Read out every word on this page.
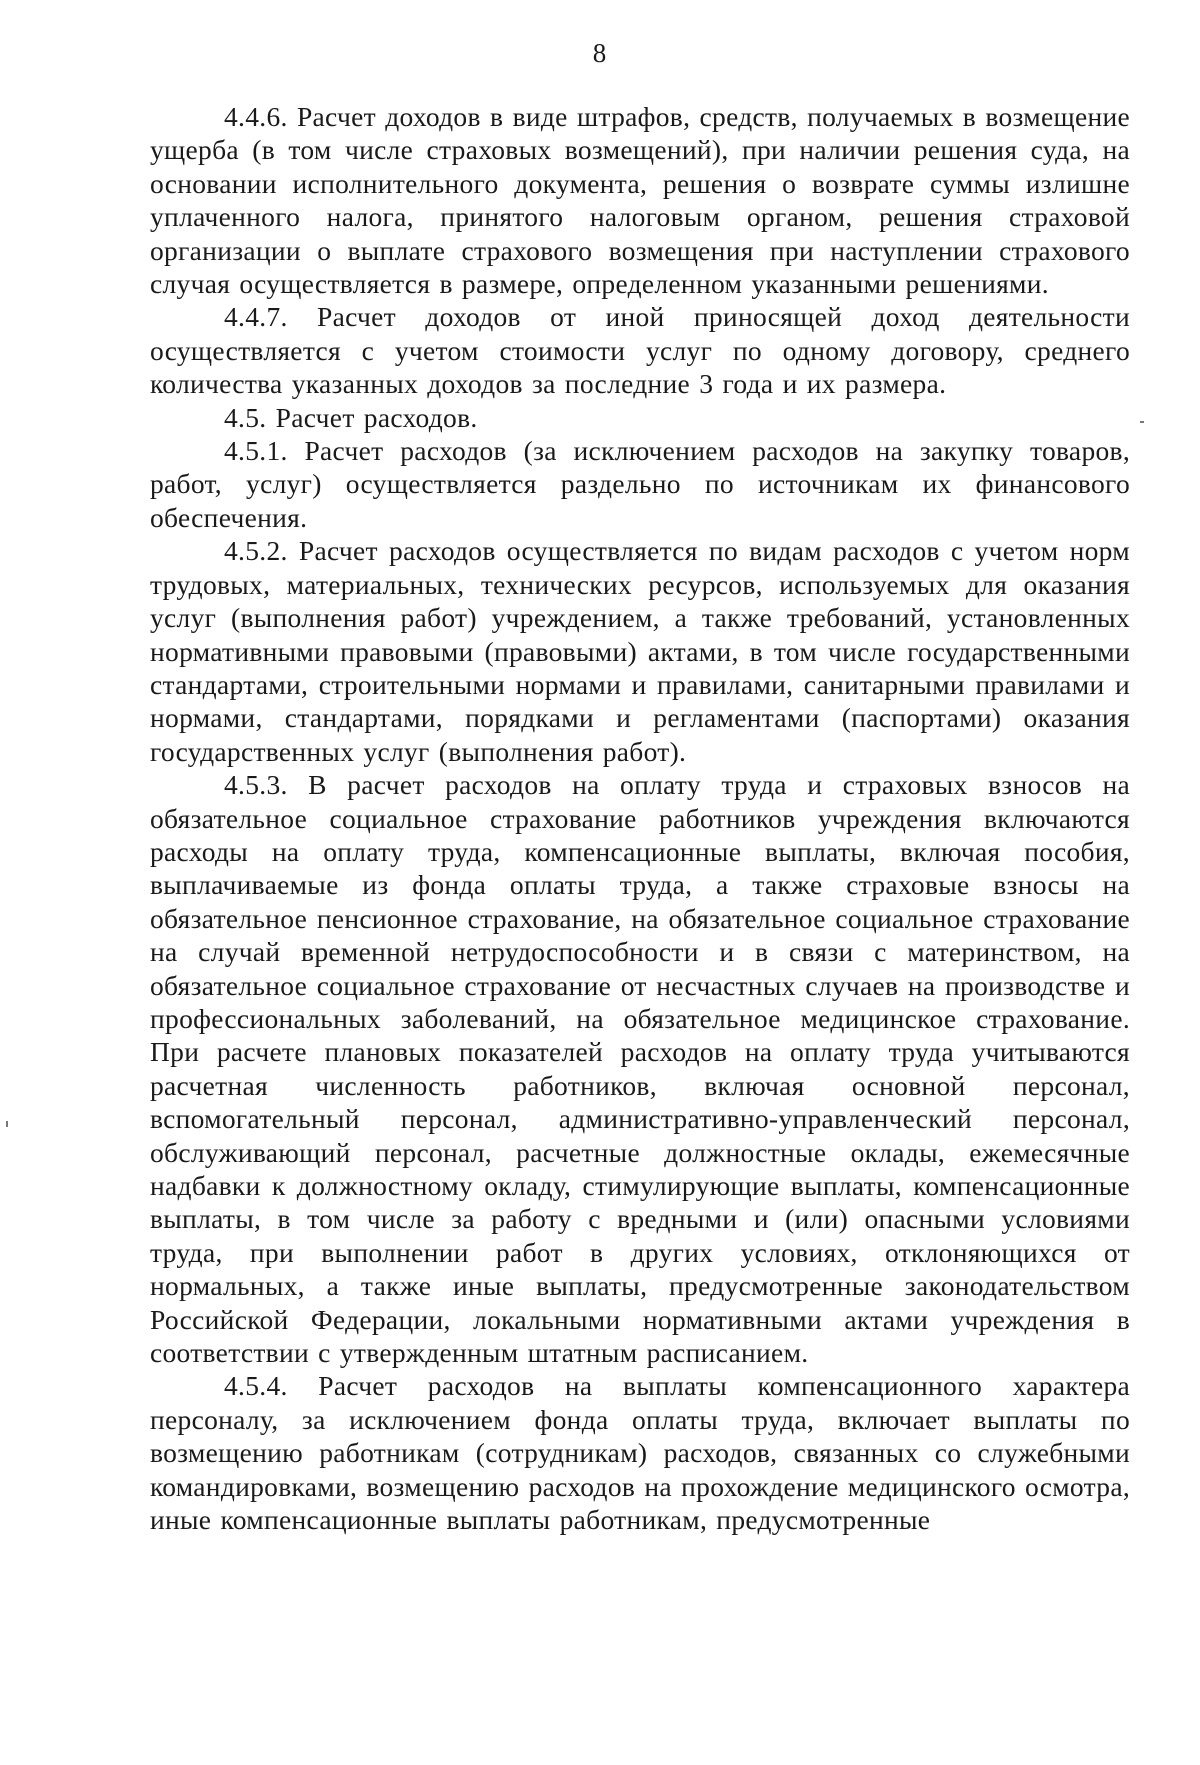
8

4.4.6. Расчет доходов в виде штрафов, средств, получаемых в возмещение ущерба (в том числе страховых возмещений), при наличии решения суда, на основании исполнительного документа, решения о возврате суммы излишне уплаченного налога, принятого налоговым органом, решения страховой организации о выплате страхового возмещения при наступлении страхового случая осуществляется в размере, определенном указанными решениями.

4.4.7. Расчет доходов от иной приносящей доход деятельности осуществляется с учетом стоимости услуг по одному договору, среднего количества указанных доходов за последние 3 года и их размера.

4.5. Расчет расходов.

4.5.1. Расчет расходов (за исключением расходов на закупку товаров, работ, услуг) осуществляется раздельно по источникам их финансового обеспечения.

4.5.2. Расчет расходов осуществляется по видам расходов с учетом норм трудовых, материальных, технических ресурсов, используемых для оказания услуг (выполнения работ) учреждением, а также требований, установленных нормативными правовыми (правовыми) актами, в том числе государственными стандартами, строительными нормами и правилами, санитарными правилами и нормами, стандартами, порядками и регламентами (паспортами) оказания государственных услуг (выполнения работ).

4.5.3. В расчет расходов на оплату труда и страховых взносов на обязательное социальное страхование работников учреждения включаются расходы на оплату труда, компенсационные выплаты, включая пособия, выплачиваемые из фонда оплаты труда, а также страховые взносы на обязательное пенсионное страхование, на обязательное социальное страхование на случай временной нетрудоспособности и в связи с материнством, на обязательное социальное страхование от несчастных случаев на производстве и профессиональных заболеваний, на обязательное медицинское страхование. При расчете плановых показателей расходов на оплату труда учитываются расчетная численность работников, включая основной персонал, вспомогательный персонал, административно-управленческий персонал, обслуживающий персонал, расчетные должностные оклады, ежемесячные надбавки к должностному окладу, стимулирующие выплаты, компенсационные выплаты, в том числе за работу с вредными и (или) опасными условиями труда, при выполнении работ в других условиях, отклоняющихся от нормальных, а также иные выплаты, предусмотренные законодательством Российской Федерации, локальными нормативными актами учреждения в соответствии с утвержденным штатным расписанием.

4.5.4. Расчет расходов на выплаты компенсационного характера персоналу, за исключением фонда оплаты труда, включает выплаты по возмещению работникам (сотрудникам) расходов, связанных со служебными командировками, возмещению расходов на прохождение медицинского осмотра, иные компенсационные выплаты работникам, предусмотренные
